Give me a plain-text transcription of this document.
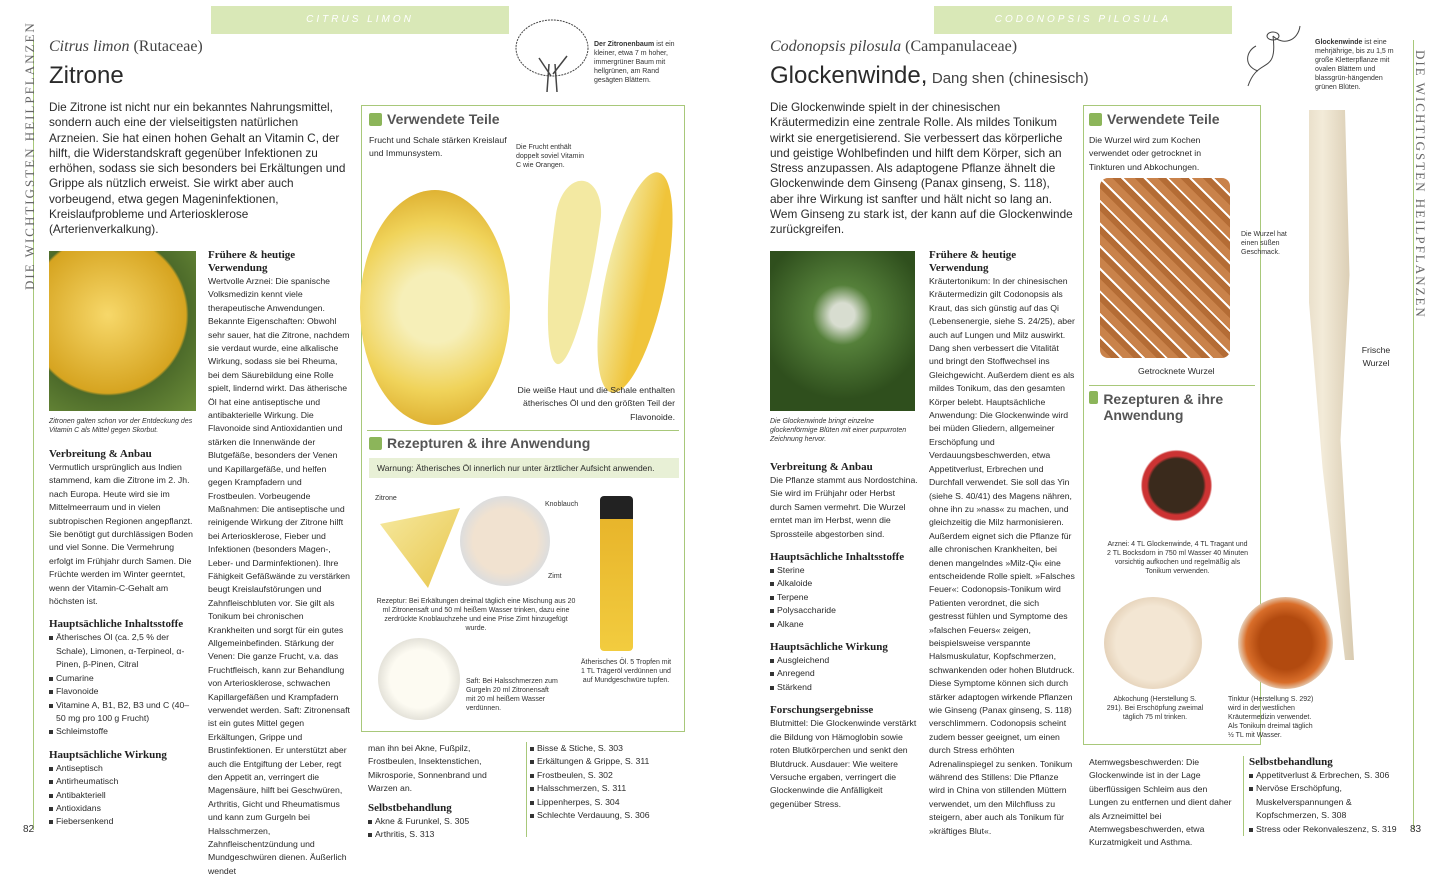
CITRUS LIMON
DIE WICHTIGSTEN HEILPFLANZEN Citrus limon (Rutaceae)
Zitrone
Der Zitronenbaum ist ein kleiner, etwa 7 m hoher, immergrüner Baum mit hellgrünen, am Rand gesägten Blättern.
Die Zitrone ist nicht nur ein bekanntes Nahrungsmittel, sondern auch eine der vielseitigsten natürlichen Arzneien. Sie hat einen hohen Gehalt an Vitamin C, der hilft, die Widerstandskraft gegenüber Infektionen zu erhöhen, sodass sie sich besonders bei Erkältungen und Grippe als nützlich erweist. Sie wirkt aber auch vorbeugend, etwa gegen Mageninfektionen, Kreislaufprobleme und Arteriosklerose (Arterienverkalkung).
Zitronen galten schon vor der Entdeckung des Vitamin C als Mittel gegen Skorbut.
Verbreitung & Anbau
Vermutlich ursprünglich aus Indien stammend, kam die Zitrone im 2. Jh. nach Europa. Heute wird sie im Mittelmeerraum und in vielen subtropischen Regionen angepflanzt. Sie benötigt gut durchlässigen Boden und viel Sonne. Die Vermehrung erfolgt im Frühjahr durch Samen. Die Früchte werden im Winter geerntet, wenn der Vitamin-C-Gehalt am höchsten ist.
Hauptsächliche Inhaltsstoffe
Ätherisches Öl (ca. 2,5 % der Schale), Limonen, α-Terpineol, α-Pinen, β-Pinen, Citral
Cumarine
Flavonoide
Vitamine A, B1, B2, B3 und C (40–50 mg pro 100 g Frucht)
Schleimstoffe
Hauptsächliche Wirkung
Antiseptisch
Antirheumatisch
Antibakteriell
Antioxidans
Fiebersenkend
Frühere & heutige Verwendung
Wertvolle Arznei: Die spanische Volksmedizin kennt viele therapeutische Anwendungen. Bekannte Eigenschaften: Obwohl sehr sauer, hat die Zitrone, nachdem sie verdaut wurde, eine alkalische Wirkung, sodass sie bei Rheuma, bei dem Säurebildung eine Rolle spielt, lindernd wirkt. Das ätherische Öl hat eine antiseptische und antibakterielle Wirkung. Die Flavonoide sind Antioxidantien und stärken die Innenwände der Blutgefäße, besonders der Venen und Kapillargefäße, und helfen gegen Krampfadern und Frostbeulen. Vorbeugende Maßnahmen: Die antiseptische und reinigende Wirkung der Zitrone hilft bei Arteriosklerose, Fieber und Infektionen (besonders Magen-, Leber- und Darminfektionen). Ihre Fähigkeit Gefäßwände zu verstärken beugt Kreislaufstörungen und Zahnfleischbluten vor. Sie gilt als Tonikum bei chronischen Krankheiten und sorgt für ein gutes Allgemeinbefinden. Stärkung der Venen: Die ganze Frucht, v.a. das Fruchtfleisch, kann zur Behandlung von Arteriosklerose, schwachen Kapillargefäßen und Krampfadern verwendet werden. Saft: Zitronensaft ist ein gutes Mittel gegen Erkältungen, Grippe und Brustinfektionen. Er unterstützt aber auch die Entgiftung der Leber, regt den Appetit an, verringert die Magensäure, hilft bei Geschwüren, Arthritis, Gicht und Rheumatismus und kann zum Gurgeln bei Halsschmerzen, Zahnfleischentzündung und Mundgeschwüren dienen. Äußerlich wendet
man ihn bei Akne, Fußpilz, Frostbeulen, Insektenstichen, Mikrosporie, Sonnenbrand und Warzen an.
Selbstbehandlung
Akne & Furunkel, S. 305
Arthritis, S. 313
Bisse & Stiche, S. 303
Erkältungen & Grippe, S. 311
Frostbeulen, S. 302
Halsschmerzen, S. 311
Lippenherpes, S. 304
Schlechte Verdauung, S. 306
Verwendete Teile
Frucht und Schale stärken Kreislauf und Immunsystem.
Die Frucht enthält doppelt soviel Vitamin C wie Orangen.
Die weiße Haut und die Schale enthalten ätherisches Öl und den größten Teil der Flavonoide.
Rezepturen & ihre Anwendung
Warnung: Ätherisches Öl innerlich nur unter ärztlicher Aufsicht anwenden.
Zitrone
Knoblauch
Zimt
Rezeptur: Bei Erkältungen dreimal täglich eine Mischung aus 20 ml Zitronensaft und 50 ml heißem Wasser trinken, dazu eine zerdrückte Knoblauchzehe und eine Prise Zimt hinzugefügt wurde.
Saft: Bei Halsschmerzen zum Gurgeln 20 ml Zitronensaft mit 20 ml heißem Wasser verdünnen.
Ätherisches Öl. 5 Tropfen mit 1 TL Trägeröl verdünnen und auf Mundgeschwüre tupfen.
82
CODONOPSIS PILOSULA
DIE WICHTIGSTEN HEILPFLANZEN
Codonopsis pilosula (Campanulaceae)
Glockenwinde, Dang shen (chinesisch)
Glockenwinde ist eine mehrjährige, bis zu 1,5 m große Kletterpflanze mit ovalen Blättern und blassgrün-hängenden grünen Blüten.
Die Glockenwinde spielt in der chinesischen Kräutermedizin eine zentrale Rolle. Als mildes Tonikum wirkt sie energetisierend. Sie verbessert das körperliche und geistige Wohlbefinden und hilft dem Körper, sich an Stress anzupassen. Als adaptogene Pflanze ähnelt die Glockenwinde dem Ginseng (Panax ginseng, S. 118), aber ihre Wirkung ist sanfter und hält nicht so lang an. Wem Ginseng zu stark ist, der kann auf die Glockenwinde zurückgreifen.
Die Glockenwinde bringt einzelne glockenförmige Blüten mit einer purpurroten Zeichnung hervor.
Verbreitung & Anbau
Die Pflanze stammt aus Nordostchina. Sie wird im Frühjahr oder Herbst durch Samen vermehrt. Die Wurzel erntet man im Herbst, wenn die Sprossteile abgestorben sind.
Hauptsächliche Inhaltsstoffe
Sterine
Alkaloide
Terpene
Polysaccharide
Alkane
Hauptsächliche Wirkung
Ausgleichend
Anregend
Stärkend
Forschungsergebnisse
Blutmittel: Die Glockenwinde verstärkt die Bildung von Hämoglobin sowie roten Blutkörperchen und senkt den Blutdruck. Ausdauer: Wie weitere Versuche ergaben, verringert die Glockenwinde die Anfälligkeit gegenüber Stress.
Frühere & heutige Verwendung
Kräutertonikum: In der chinesischen Kräutermedizin gilt Codonopsis als Kraut, das sich günstig auf das Qi (Lebensenergie, siehe S. 24/25), aber auch auf Lungen und Milz auswirkt. Dang shen verbessert die Vitalität und bringt den Stoffwechsel ins Gleichgewicht. Außerdem dient es als mildes Tonikum, das den gesamten Körper belebt. Hauptsächliche Anwendung: Die Glockenwinde wird bei müden Gliedern, allgemeiner Erschöpfung und Verdauungsbeschwerden, etwa Appetitverlust, Erbrechen und Durchfall verwendet. Sie soll das Yin (siehe S. 40/41) des Magens nähren, ohne ihn zu »nass« zu machen, und gleichzeitig die Milz harmonisieren. Außerdem eignet sich die Pflanze für alle chronischen Krankheiten, bei denen mangelndes »Milz-Qi« eine entscheidende Rolle spielt. »Falsches Feuer«: Codonopsis-Tonikum wird Patienten verordnet, die sich gestresst fühlen und Symptome des »falschen Feuers« zeigen, beispielsweise verspannte Halsmuskulatur, Kopfschmerzen, schwankenden oder hohen Blutdruck. Diese Symptome können sich durch stärker adaptogen wirkende Pflanzen wie Ginseng (Panax ginseng, S. 118) verschlimmern. Codonopsis scheint zudem besser geeignet, um einen durch Stress erhöhten Adrenalinspiegel zu senken. Tonikum während des Stillens: Die Pflanze wird in China von stillenden Müttern verwendet, um den Milchfluss zu steigern, aber auch als Tonikum für »kräftiges Blut«.
Verwendete Teile
Die Wurzel wird zum Kochen verwendet oder getrocknet in Tinkturen und Abkochungen.
Die Wurzel hat einen süßen Geschmack.
Getrocknete Wurzel
Frische Wurzel
Rezepturen & ihre Anwendung
Arznei: 4 TL Glockenwinde, 4 TL Tragant und 2 TL Bocksdorn in 750 ml Wasser 40 Minuten vorsichtig aufkochen und regelmäßig als Tonikum verwenden.
Abkochung (Herstellung S. 291). Bei Erschöpfung zweimal täglich 75 ml trinken.
Tinktur (Herstellung S. 292) wird in der westlichen Kräutermedizin verwendet. Als Tonikum dreimal täglich ½ TL mit Wasser.
Atemwegsbeschwerden: Die Glockenwinde ist in der Lage überflüssigen Schleim aus den Lungen zu entfernen und dient daher als Arzneimittel bei Atemwegsbeschwerden, etwa Kurzatmigkeit und Asthma.
Selbstbehandlung
Appetitverlust & Erbrechen, S. 306
Nervöse Erschöpfung, Muskelverspannungen & Kopfschmerzen, S. 308
Stress oder Rekonvaleszenz, S. 319 83
